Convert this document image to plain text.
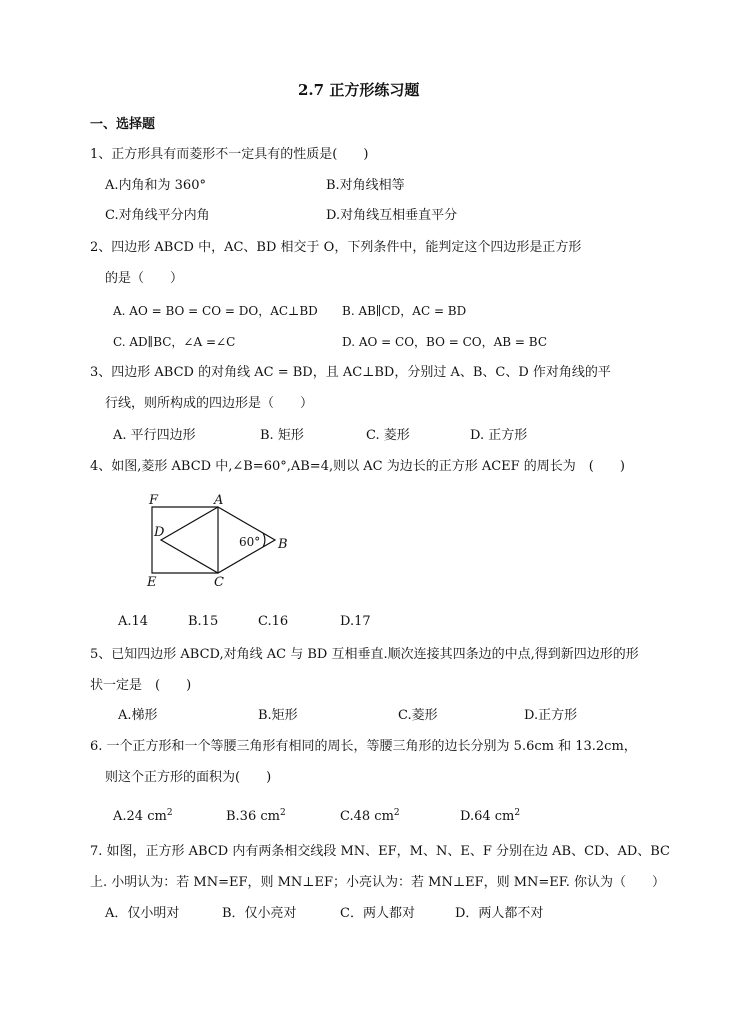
2.7 正方形练习题
一、选择题
1、正方形具有而菱形不一定具有的性质是(　　)
A.内角和为 360°	B.对角线相等
C.对角线平分内角	D.对角线互相垂直平分
2、四边形 ABCD 中，AC、BD 相交于 O，下列条件中，能判定这个四边形是正方形
的是（　　）
A. AO = BO = CO = DO，AC⊥BD B. AB∥CD，AC = BD
C. AD∥BC，∠A =∠C	D. AO = CO，BO = CO，AB = BC
3、四边形 ABCD 的对角线 AC = BD，且 AC⊥BD，分别过 A、B、C、D 作对角线的平
行线，则所构成的四边形是（　　）
A. 平行四边形	B. 矩形	C. 菱形	D. 正方形
4、如图,菱形 ABCD 中,∠B=60°,AB=4,则以 AC 为边长的正方形 ACEF 的周长为　(　　)
F	A
D
B
E	C
60°
A.14	B.15	C.16	D.17
5、已知四边形 ABCD,对角线 AC 与 BD 互相垂直.顺次连接其四条边的中点,得到新四边形的形
状一定是　(　　)
A.梯形	B.矩形	C.菱形	D.正方形
6. 一个正方形和一个等腰三角形有相同的周长，等腰三角形的边长分别为 5.6cm 和 13.2cm，
则这个正方形的面积为(　　)
A.24 $cm^2$	B.36 $cm^2$	C.48 $cm^2$	D.64 $cm^2$
7. 如图，正方形 ABCD 内有两条相交线段 MN、EF，M、N、E、F 分别在边 AB、CD、AD、BC
上. 小明认为：若 MN=EF，则 MN⊥EF；小亮认为：若 MN⊥EF，则 MN=EF. 你认为（　　）
A．仅小明对	B．仅小亮对	C．两人都对	D．两人都不对
